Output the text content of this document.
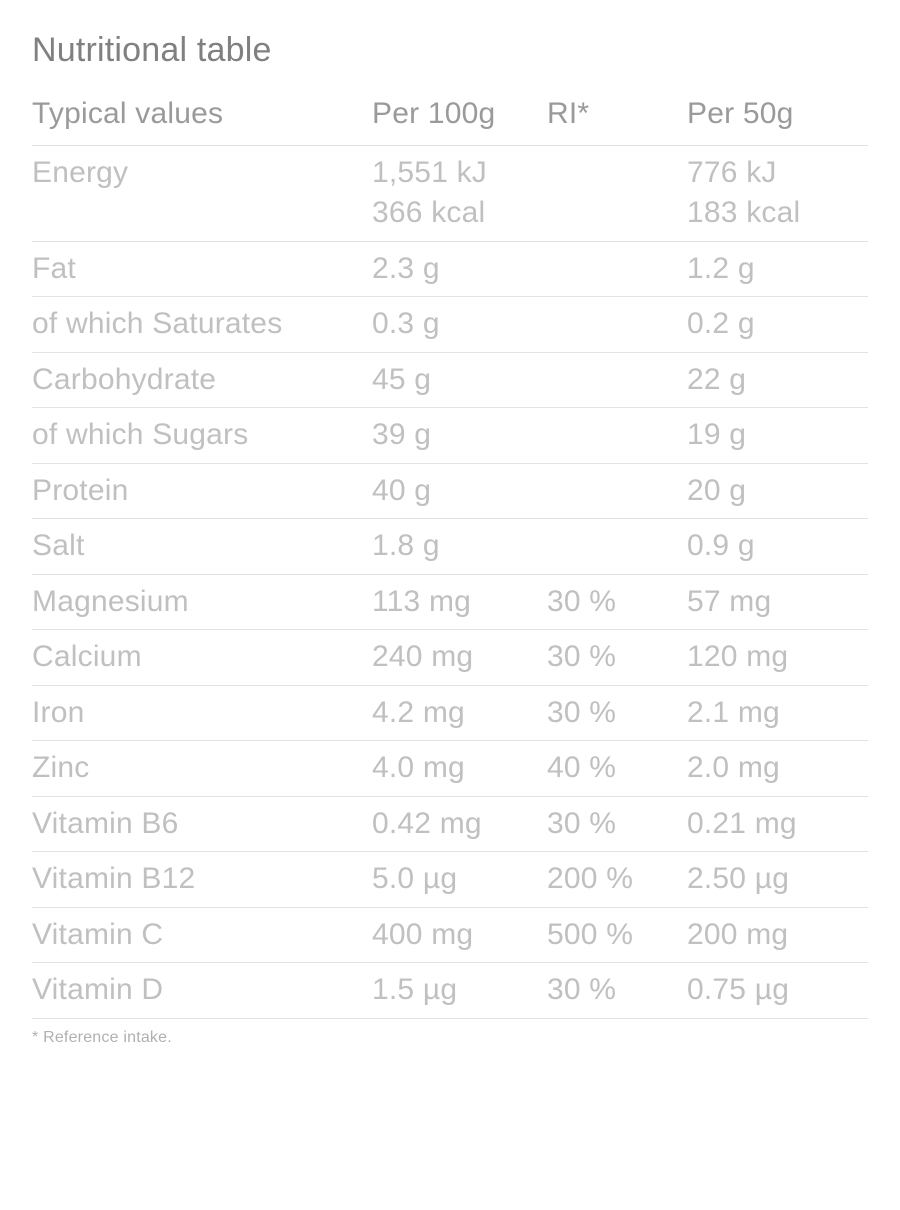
Nutritional table
Typical values	Per 100g	RI*	Per 50g
Energy	1,551 kJ		776 kJ
	366 kcal		183 kcal
Fat	2.3 g		1.2 g
of which Saturates	0.3 g		0.2 g
Carbohydrate	45 g		22 g
of which Sugars	39 g		19 g
Protein	40 g		20 g
Salt	1.8 g		0.9 g
Magnesium	113 mg	30 %	57 mg
Calcium	240 mg	30 %	120 mg
Iron	4.2 mg	30 %	2.1 mg
Zinc	4.0 mg	40 %	2.0 mg
Vitamin B6	0.42 mg	30 %	0.21 mg
Vitamin B12	5.0 µg	200 %	2.50 µg
Vitamin C	400 mg	500 %	200 mg
Vitamin D	1.5 µg	30 %	0.75 µg
* Reference intake.
